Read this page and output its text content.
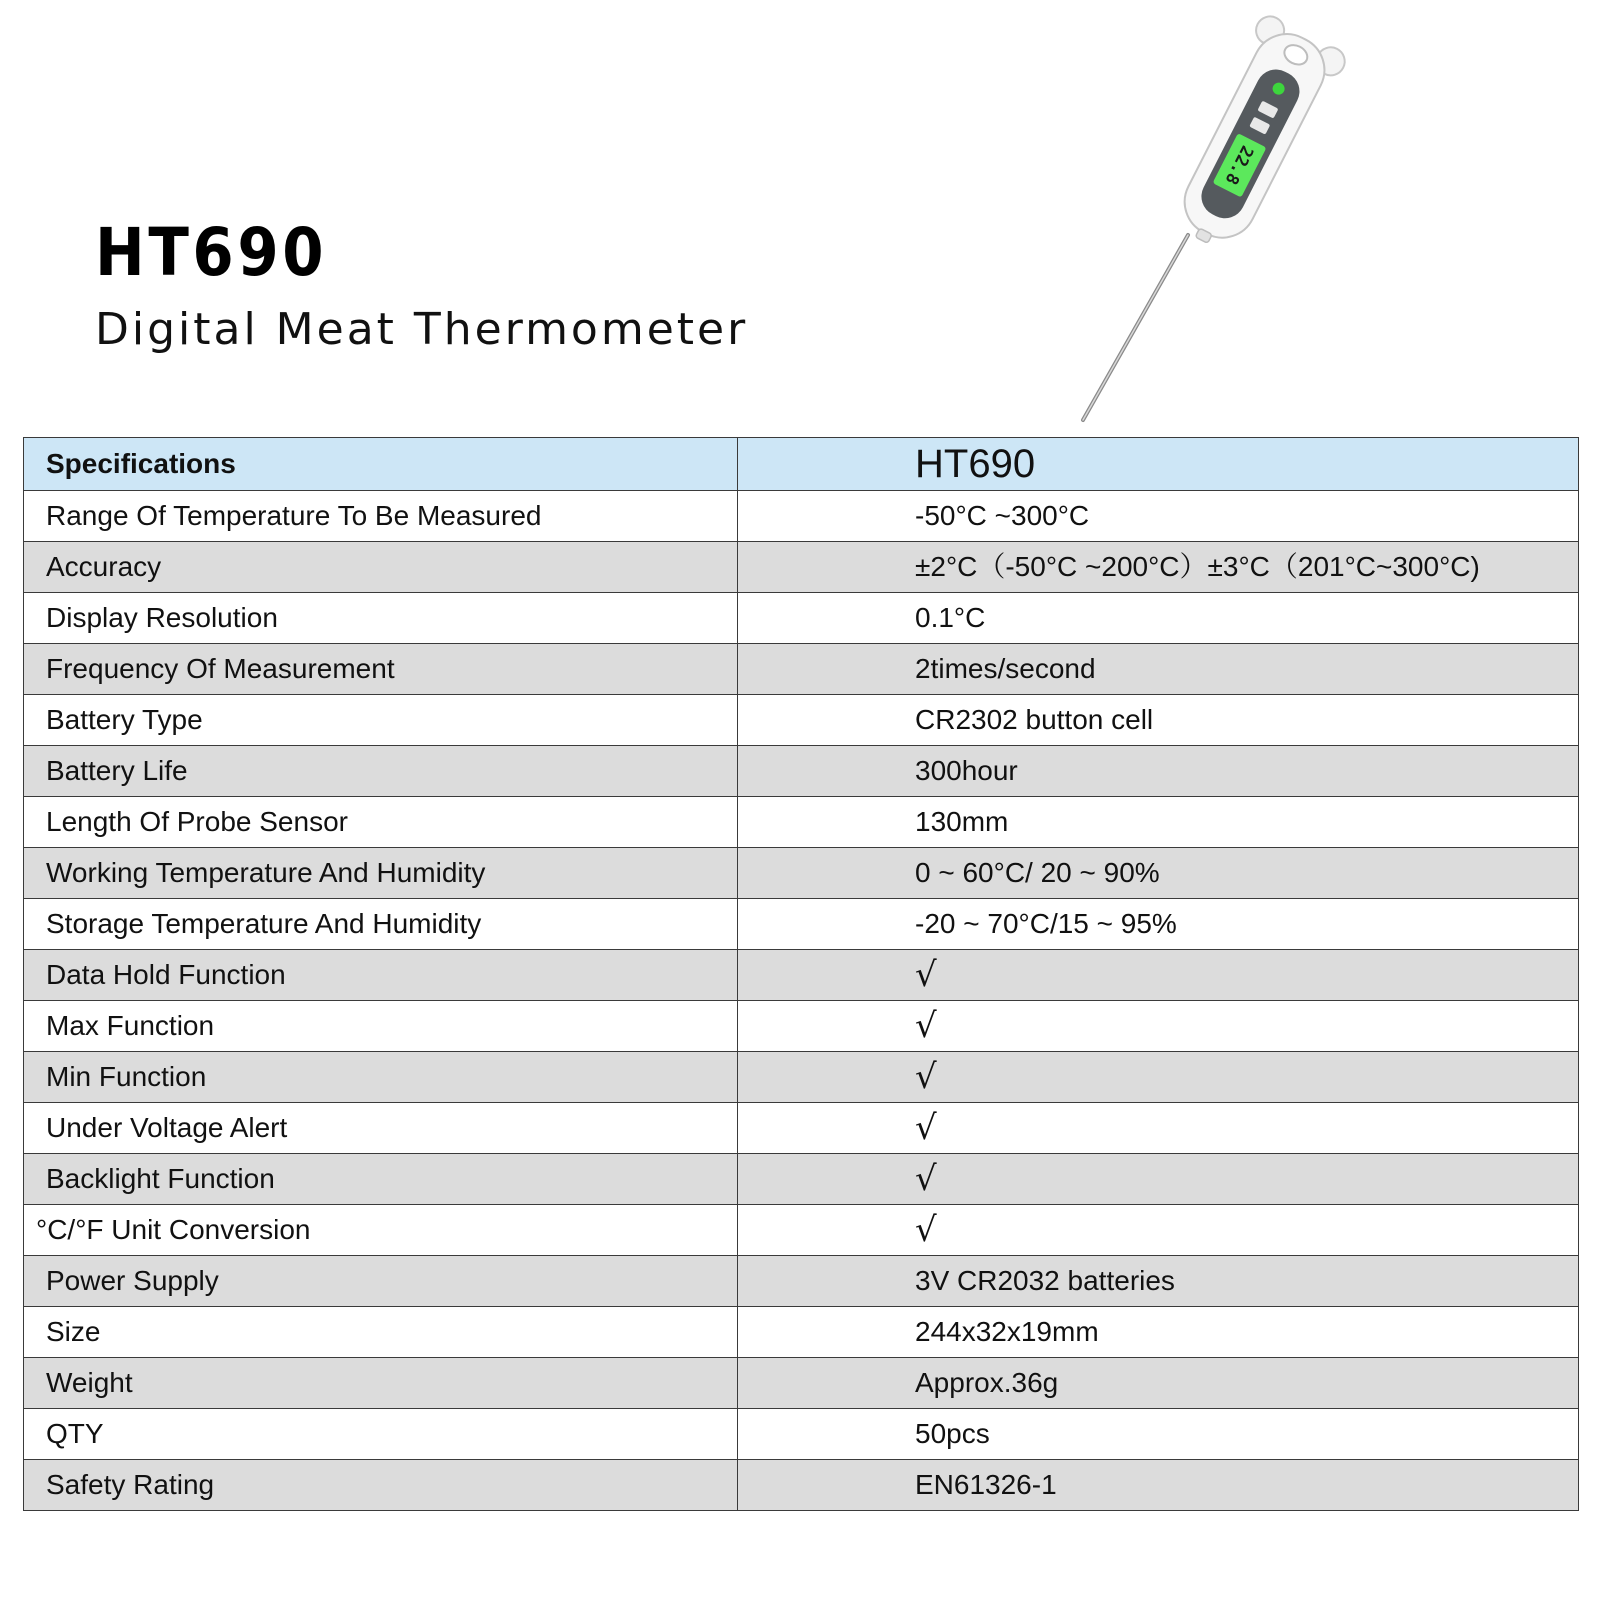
HT690
Digital Meat Thermometer
22.8
Specifications	HT690
Range Of Temperature To Be Measured	-50°C ~300°C
Accuracy	±2°C（-50°C ~200°C）±3°C（201°C~300°C)
Display Resolution	0.1°C
Frequency Of Measurement	2times/second
Battery Type	CR2302 button cell
Battery Life	300hour
Length Of Probe Sensor	130mm
Working Temperature And Humidity	0 ~ 60°C/ 20 ~ 90%
Storage Temperature And Humidity	-20 ~ 70°C/15 ~ 95%
Data Hold Function	√
Max Function	√
Min Function	√
Under Voltage Alert	√
Backlight Function	√
°C/°F Unit Conversion	√
Power Supply	3V CR2032 batteries
Size	244x32x19mm
Weight	Approx.36g
QTY	50pcs
Safety Rating	EN61326-1
